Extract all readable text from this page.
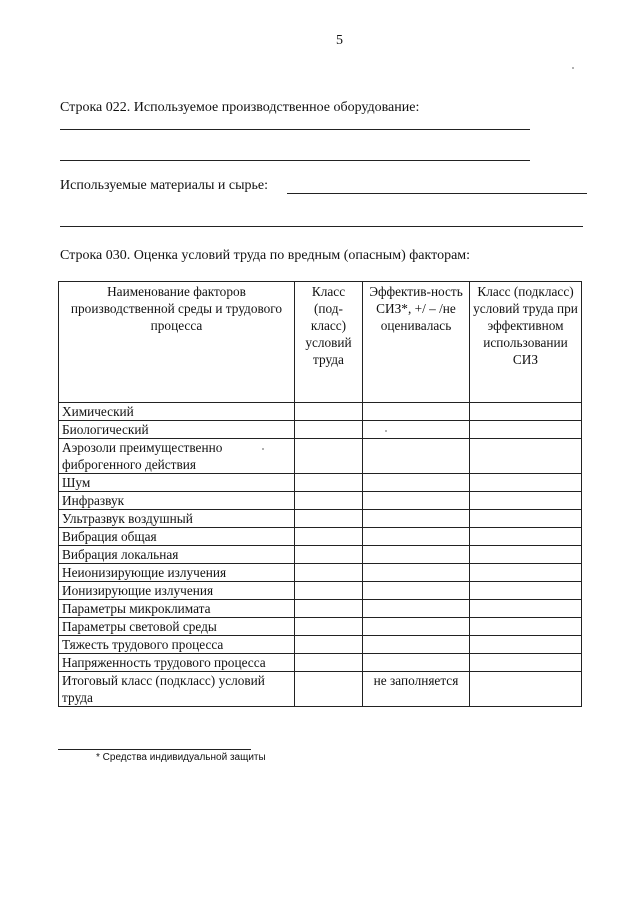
5
Строка 022. Используемое производственное оборудование:
Используемые материалы и сырье:
Строка 030. Оценка условий труда по вредным (опасным) факторам:
Наименование факторов производственной среды и трудового процесса	Класс (под-класс) условий труда	Эффектив-ность СИЗ*, +/ – /не оценивалась	Класс (подкласс) условий труда при эффективном использовании СИЗ
Химический			
Биологический			
Аэрозоли преимущественно фиброгенного действия			
Шум			
Инфразвук			
Ультразвук воздушный			
Вибрация общая			
Вибрация локальная			
Неионизирующие излучения			
Ионизирующие излучения			
Параметры микроклимата			
Параметры световой среды			
Тяжесть трудового процесса			
Напряженность трудового процесса			
Итоговый класс (подкласс) условий труда		не заполняется	
* Средства индивидуальной защиты
